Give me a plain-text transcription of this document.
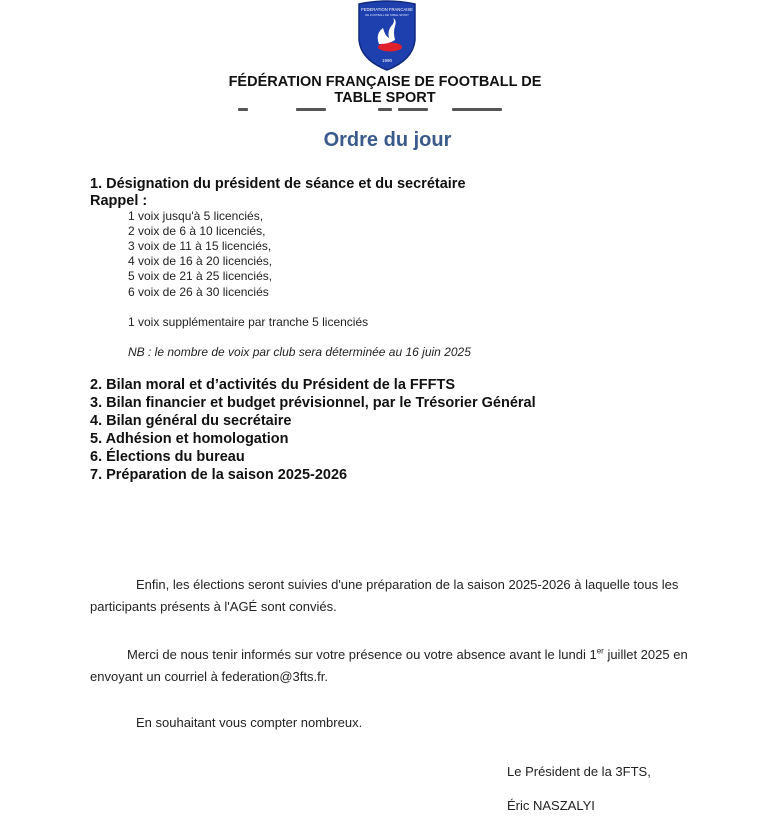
FEDERATION FRANCAISE
DE FOOTBALL DE TABLE SPORT
1990
FÉDÉRATION FRANÇAISE DE FOOTBALL DE
TABLE SPORT
Ordre du jour
1. Désignation du président de séance et du secrétaire
Rappel :
1 voix jusqu'à 5 licenciés,
2 voix de 6 à 10 licenciés,
3 voix de 11 à 15 licenciés,
4 voix de 16 à 20 licenciés,
5 voix de 21 à 25 licenciés,
6 voix de 26 à 30 licenciés
1 voix supplémentaire par tranche 5 licenciés
NB : le nombre de voix par club sera déterminée au 16 juin 2025
2. Bilan moral et d’activités du Président de la FFFTS
3. Bilan financier et budget prévisionnel, par le Trésorier Général
4. Bilan général du secrétaire
5. Adhésion et homologation
6. Élections du bureau
7. Préparation de la saison 2025-2026
Enfin, les élections seront suivies d'une préparation de la saison 2025-2026 à laquelle tous les participants présents à l'AGÉ sont conviés.
Merci de nous tenir informés sur votre présence ou votre absence avant le lundi 1er juillet 2025 en envoyant un courriel à federation@3fts.fr.
En souhaitant vous compter nombreux.
Le Président de la 3FTS,
Éric NASZALYI
